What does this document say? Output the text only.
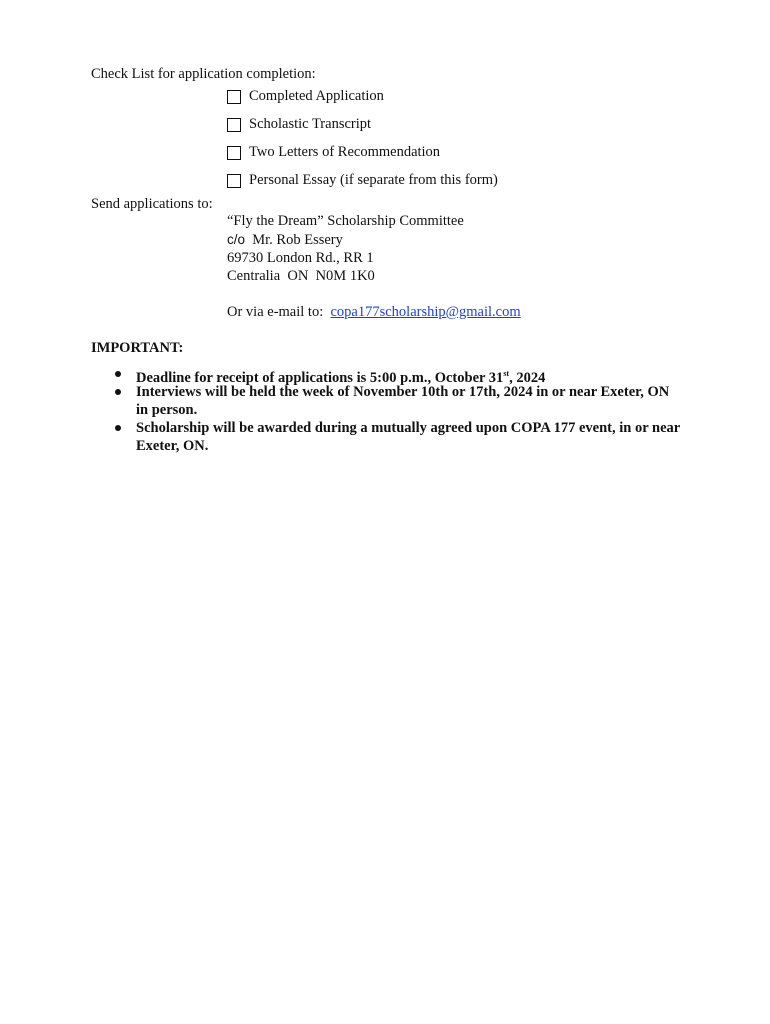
Check List for application completion:
Completed Application
Scholastic Transcript
Two Letters of Recommendation
Personal Essay (if separate from this form)
Send applications to:
“Fly the Dream” Scholarship Committee
c/o Mr. Rob Essery
69730 London Rd., RR 1
Centralia  ON  N0M 1K0
Or via e-mail to: copa177scholarship@gmail.com
IMPORTANT:
Deadline for receipt of applications is 5:00 p.m., October 31st, 2024
Interviews will be held the week of November 10th or 17th, 2024 in or near Exeter, ON in person.
Scholarship will be awarded during a mutually agreed upon COPA 177 event, in or near Exeter, ON.
